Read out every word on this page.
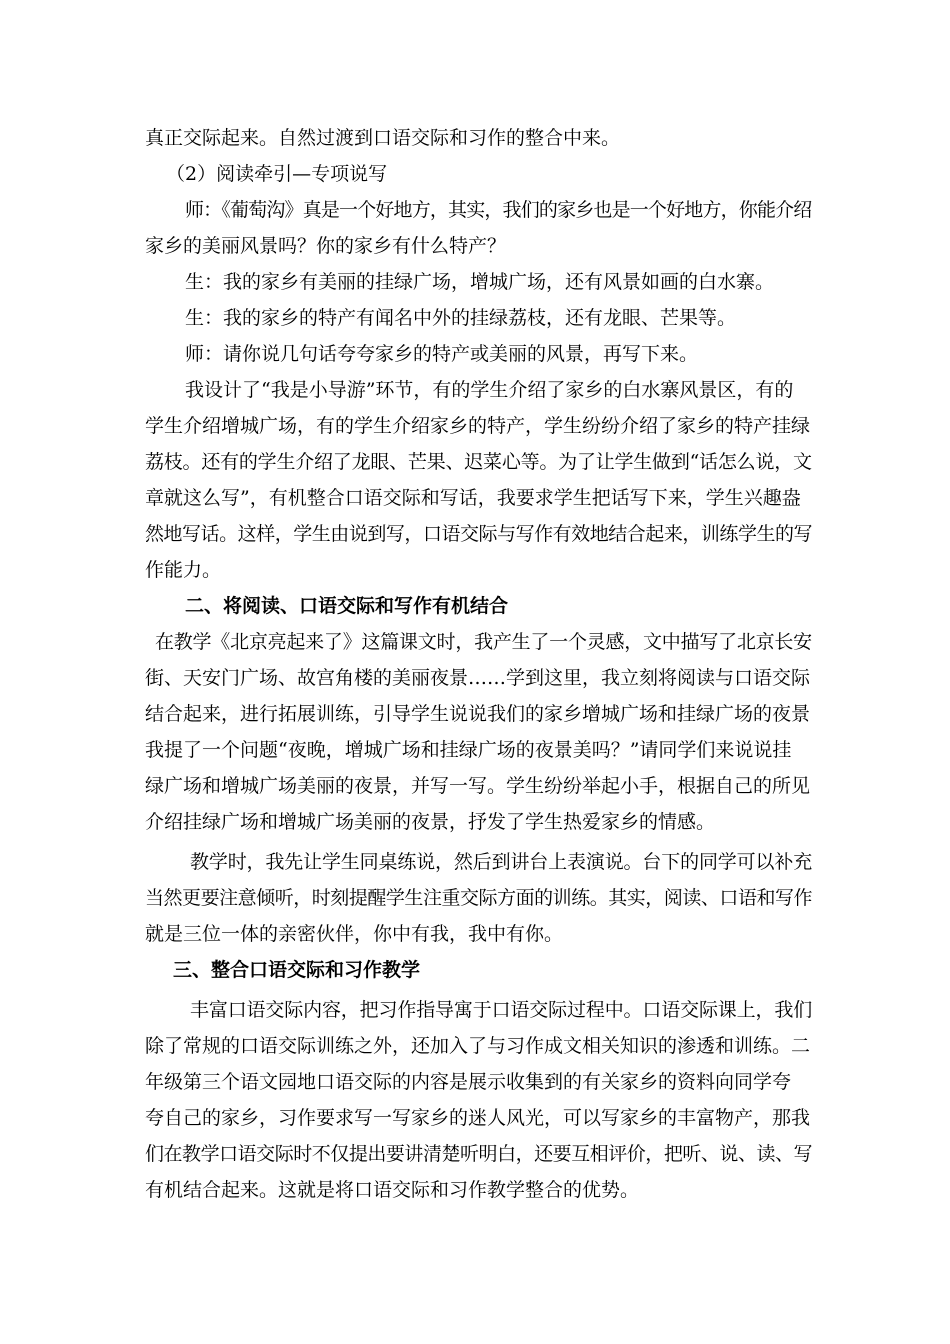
真正交际起来。自然过渡到口语交际和习作的整合中来。
（2）阅读牵引—专项说写
师：《葡萄沟》真是一个好地方，其实，我们的家乡也是一个好地方，你能介绍
家乡的美丽风景吗？你的家乡有什么特产？
生：我的家乡有美丽的挂绿广场，增城广场，还有风景如画的白水寨。
生：我的家乡的特产有闻名中外的挂绿荔枝，还有龙眼、芒果等。
师：请你说几句话夸夸家乡的特产或美丽的风景，再写下来。
我设计了“我是小导游”环节，有的学生介绍了家乡的白水寨风景区，有的
学生介绍增城广场，有的学生介绍家乡的特产，学生纷纷介绍了家乡的特产挂绿
荔枝。还有的学生介绍了龙眼、芒果、迟菜心等。为了让学生做到“话怎么说，文
章就这么写”，有机整合口语交际和写话，我要求学生把话写下来，学生兴趣盎
然地写话。这样，学生由说到写，口语交际与写作有效地结合起来，训练学生的写
作能力。
二、将阅读、口语交际和写作有机结合
在教学《北京亮起来了》这篇课文时，我产生了一个灵感，文中描写了北京长安
街、天安门广场、故宫角楼的美丽夜景……学到这里，我立刻将阅读与口语交际
结合起来，进行拓展训练，引导学生说说我们的家乡增城广场和挂绿广场的夜景
我提了一个问题“夜晚，增城广场和挂绿广场的夜景美吗？”请同学们来说说挂
绿广场和增城广场美丽的夜景，并写一写。学生纷纷举起小手，根据自己的所见
介绍挂绿广场和增城广场美丽的夜景，抒发了学生热爱家乡的情感。
教学时，我先让学生同桌练说，然后到讲台上表演说。台下的同学可以补充
当然更要注意倾听，时刻提醒学生注重交际方面的训练。其实，阅读、口语和写作
就是三位一体的亲密伙伴，你中有我，我中有你。
三、整合口语交际和习作教学
丰富口语交际内容，把习作指导寓于口语交际过程中。口语交际课上，我们
除了常规的口语交际训练之外，还加入了与习作成文相关知识的渗透和训练。二
年级第三个语文园地口语交际的内容是展示收集到的有关家乡的资料向同学夸
夸自己的家乡，习作要求写一写家乡的迷人风光，可以写家乡的丰富物产，那我
们在教学口语交际时不仅提出要讲清楚听明白，还要互相评价，把听、说、读、写
有机结合起来。这就是将口语交际和习作教学整合的优势。
